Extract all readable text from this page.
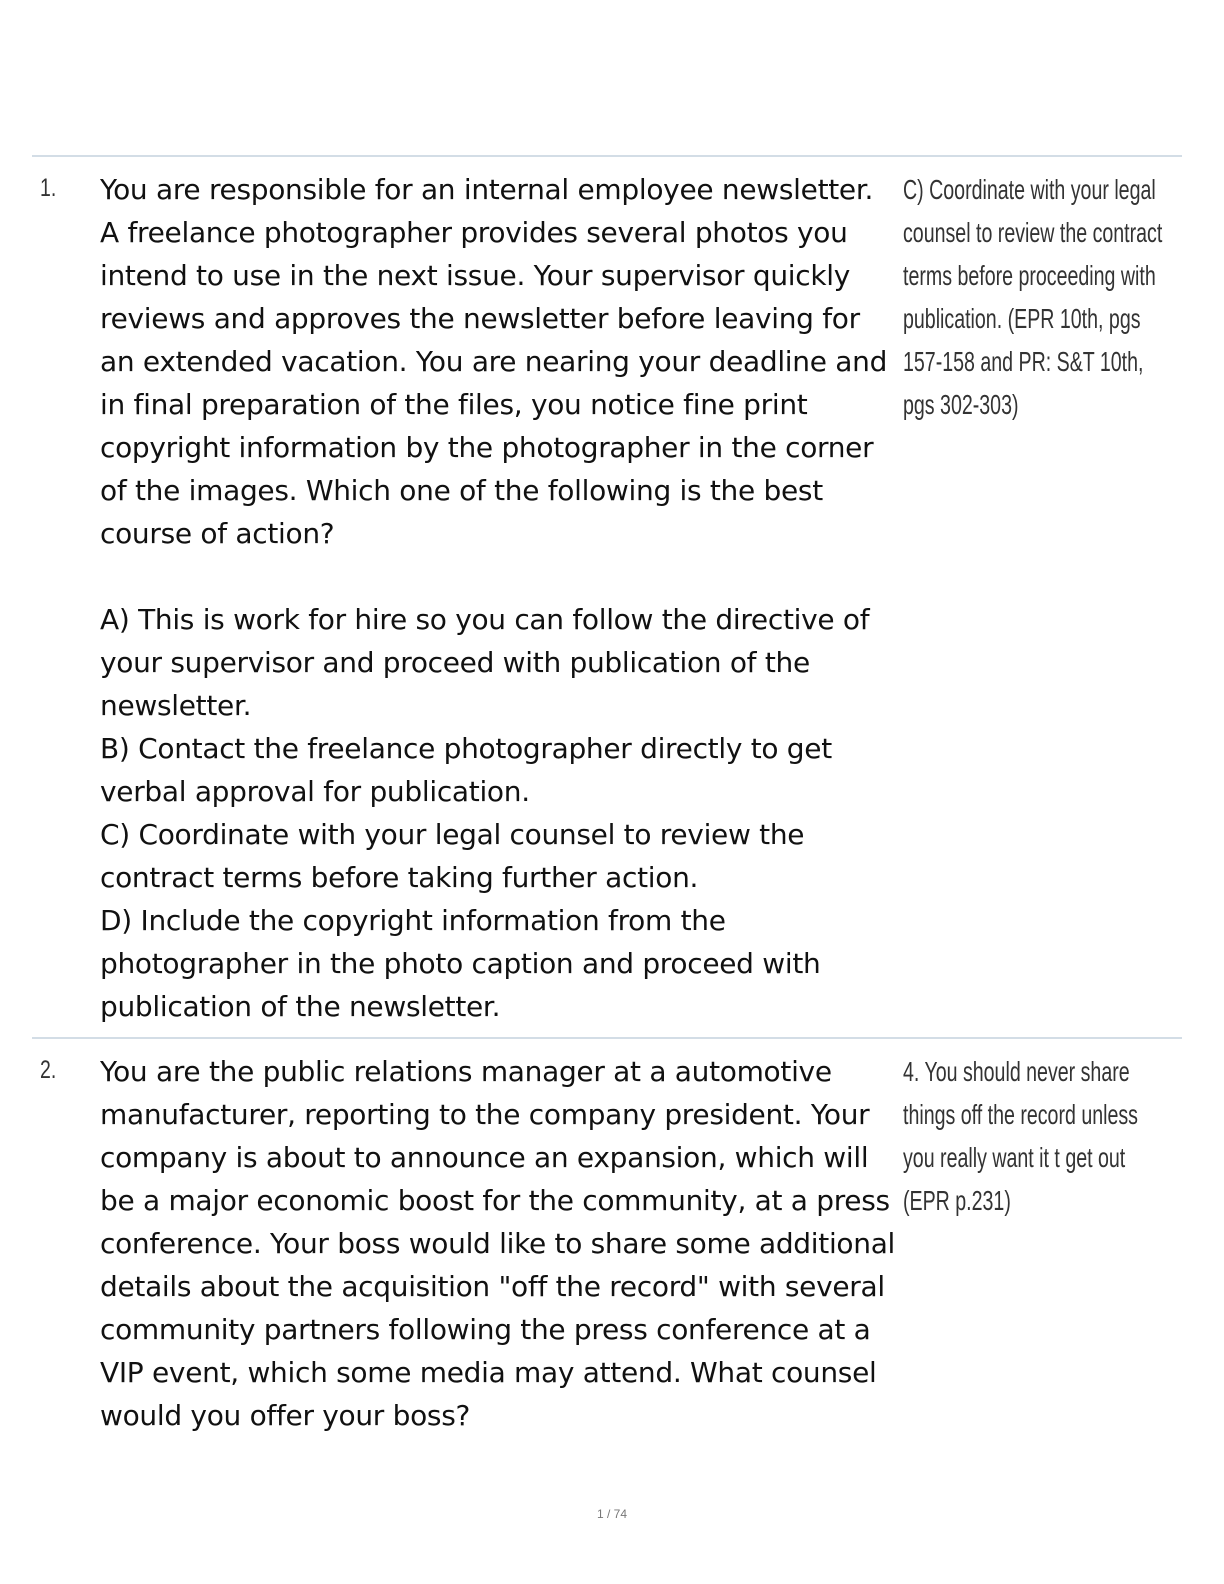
1. You are responsible for an internal employee newsletter. A freelance photographer provides several photos you intend to use in the next issue. Your supervisor quickly reviews and approves the newsletter before leaving for an extended vacation. You are nearing your deadline and in final preparation of the files, you notice fine print copyright information by the photographer in the corner of the images. Which one of the following is the best course of action?

A) This is work for hire so you can follow the directive of your supervisor and proceed with publication of the newsletter.
B) Contact the freelance photographer directly to get verbal approval for publication.
C) Coordinate with your legal counsel to review the contract terms before taking further action.
D) Include the copyright information from the photographer in the photo caption and proceed with publication of the newsletter.

C) Coordinate with your legal counsel to review the contract terms before proceeding with publication. (EPR 10th, pgs 157-158 and PR: S&T 10th, pgs 302-303)

2. You are the public relations manager at a automotive manufacturer, reporting to the company president. Your company is about to announce an expansion, which will be a major economic boost for the community, at a press conference. Your boss would like to share some additional details about the acquisition "off the record" with several community partners following the press conference at a VIP event, which some media may attend. What counsel would you offer your boss?

4. You should never share things off the record unless you really want it t get out

(EPR p.231)

1 / 74
